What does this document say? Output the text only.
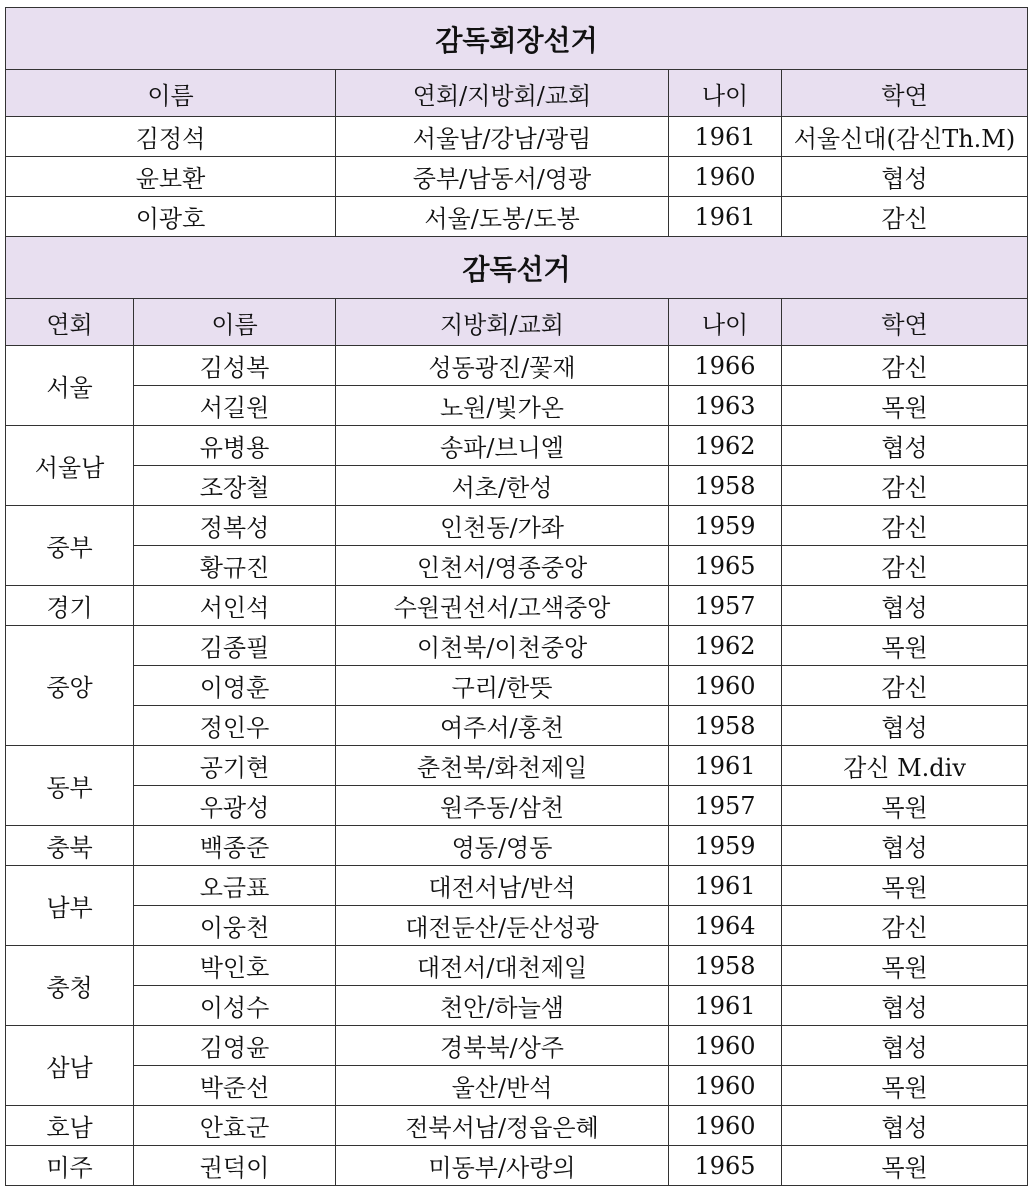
감독회장선거				
이름		연회/지방회/교회	나이	학연
김정석		서울남/강남/광림	1961	서울신대(감신Th.M)
윤보환		중부/남동서/영광	1960	협성
이광호		서울/도봉/도봉	1961	감신
감독선거				
연회	이름	지방회/교회	나이	학연
서울	김성복	성동광진/꽃재	1966	감신
	서길원	노원/빛가온	1963	목원
서울남	유병용	송파/브니엘	1962	협성
	조장철	서초/한성	1958	감신
중부	정복성	인천동/가좌	1959	감신
	황규진	인천서/영종중앙	1965	감신
경기	서인석	수원권선서/고색중앙	1957	협성
중앙	김종필	이천북/이천중앙	1962	목원
	이영훈	구리/한뜻	1960	감신
	정인우	여주서/홍천	1958	협성
동부	공기현	춘천북/화천제일	1961	감신 M.div
	우광성	원주동/삼천	1957	목원
충북	백종준	영동/영동	1959	협성
남부	오금표	대전서남/반석	1961	목원
	이웅천	대전둔산/둔산성광	1964	감신
충청	박인호	대전서/대천제일	1958	목원
	이성수	천안/하늘샘	1961	협성
삼남	김영윤	경북북/상주	1960	협성
	박준선	울산/반석	1960	목원
호남	안효군	전북서남/정읍은혜	1960	협성
미주	권덕이	미동부/사랑의	1965	목원
